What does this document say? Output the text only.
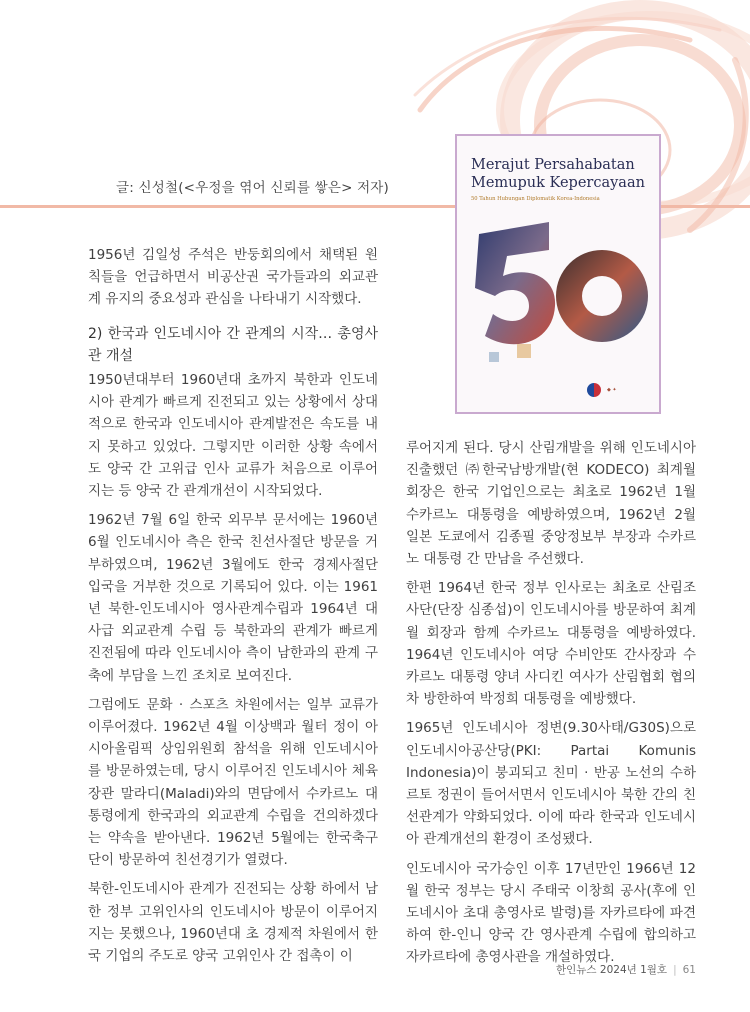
글: 신성철(<우정을 엮어 신뢰를 쌓은> 저자)
Merajut Persahabatan
Memupuk Kepercayaan
50 Tahun Hubungan Diplomatik Korea-Indonesia
◆ ✦

1956년 김일성 주석은 반둥회의에서 채택된 원칙들을 언급하면서 비공산권 국가들과의 외교관계 유지의 중요성과 관심을 나타내기 시작했다.

2) 한국과 인도네시아 간 관계의 시작… 총영사관 개설

1950년대부터 1960년대 초까지 북한과 인도네시아 관계가 빠르게 진전되고 있는 상황에서 상대적으로 한국과 인도네시아 관계발전은 속도를 내지 못하고 있었다. 그렇지만 이러한 상황 속에서도 양국 간 고위급 인사 교류가 처음으로 이루어지는 등 양국 간 관계개선이 시작되었다.

1962년 7월 6일 한국 외무부 문서에는 1960년 6월 인도네시아 측은 한국 친선사절단 방문을 거부하였으며, 1962년 3월에도 한국 경제사절단 입국을 거부한 것으로 기록되어 있다. 이는 1961년 북한-인도네시아 영사관계수립과 1964년 대사급 외교관계 수립 등 북한과의 관계가 빠르게 진전됨에 따라 인도네시아 측이 남한과의 관계 구축에 부담을 느낀 조치로 보여진다.

그럼에도 문화 · 스포츠 차원에서는 일부 교류가 이루어졌다. 1962년 4월 이상백과 월터 정이 아시아올림픽 상임위원회 참석을 위해 인도네시아를 방문하였는데, 당시 이루어진 인도네시아 체육장관 말라디(Maladi)와의 면담에서 수카르노 대통령에게 한국과의 외교관계 수립을 건의하겠다는 약속을 받아낸다. 1962년 5월에는 한국축구단이 방문하여 친선경기가 열렸다.

북한-인도네시아 관계가 진전되는 상황 하에서 남한 정부 고위인사의 인도네시아 방문이 이루어지지는 못했으나, 1960년대 초 경제적 차원에서 한국 기업의 주도로 양국 고위인사 간 접촉이 이

루어지게 된다. 당시 산림개발을 위해 인도네시아 진출했던 ㈜한국남방개발(현 KODECO) 최계월 회장은 한국 기업인으로는 최초로 1962년 1월 수카르노 대통령을 예방하였으며, 1962년 2월 일본 도쿄에서 김종필 중앙정보부 부장과 수카르노 대통령 간 만남을 주선했다.

한편 1964년 한국 정부 인사로는 최초로 산림조사단(단장 심종섭)이 인도네시아를 방문하여 최계월 회장과 함께 수카르노 대통령을 예방하였다. 1964년 인도네시아 여당 수비안또 간사장과 수카르노 대통령 양녀 사디킨 여사가 산림협회 협의차 방한하여 박정희 대통령을 예방했다.

1965년 인도네시아 정변(9.30사태/G30S)으로 인도네시아공산당(PKI: Partai Komunis Indonesia)이 붕괴되고 친미 · 반공 노선의 수하르토 정권이 들어서면서 인도네시아 북한 간의 친선관계가 약화되었다. 이에 따라 한국과 인도네시아 관계개선의 환경이 조성됐다.

인도네시아 국가승인 이후 17년만인 1966년 12월 한국 정부는 당시 주태국 이창희 공사(후에 인도네시아 초대 총영사로 발령)를 자카르타에 파견하여 한-인니 양국 간 영사관계 수립에 합의하고 자카르타에 총영사관을 개설하였다.

한인뉴스 2024년 1월호 | 61
